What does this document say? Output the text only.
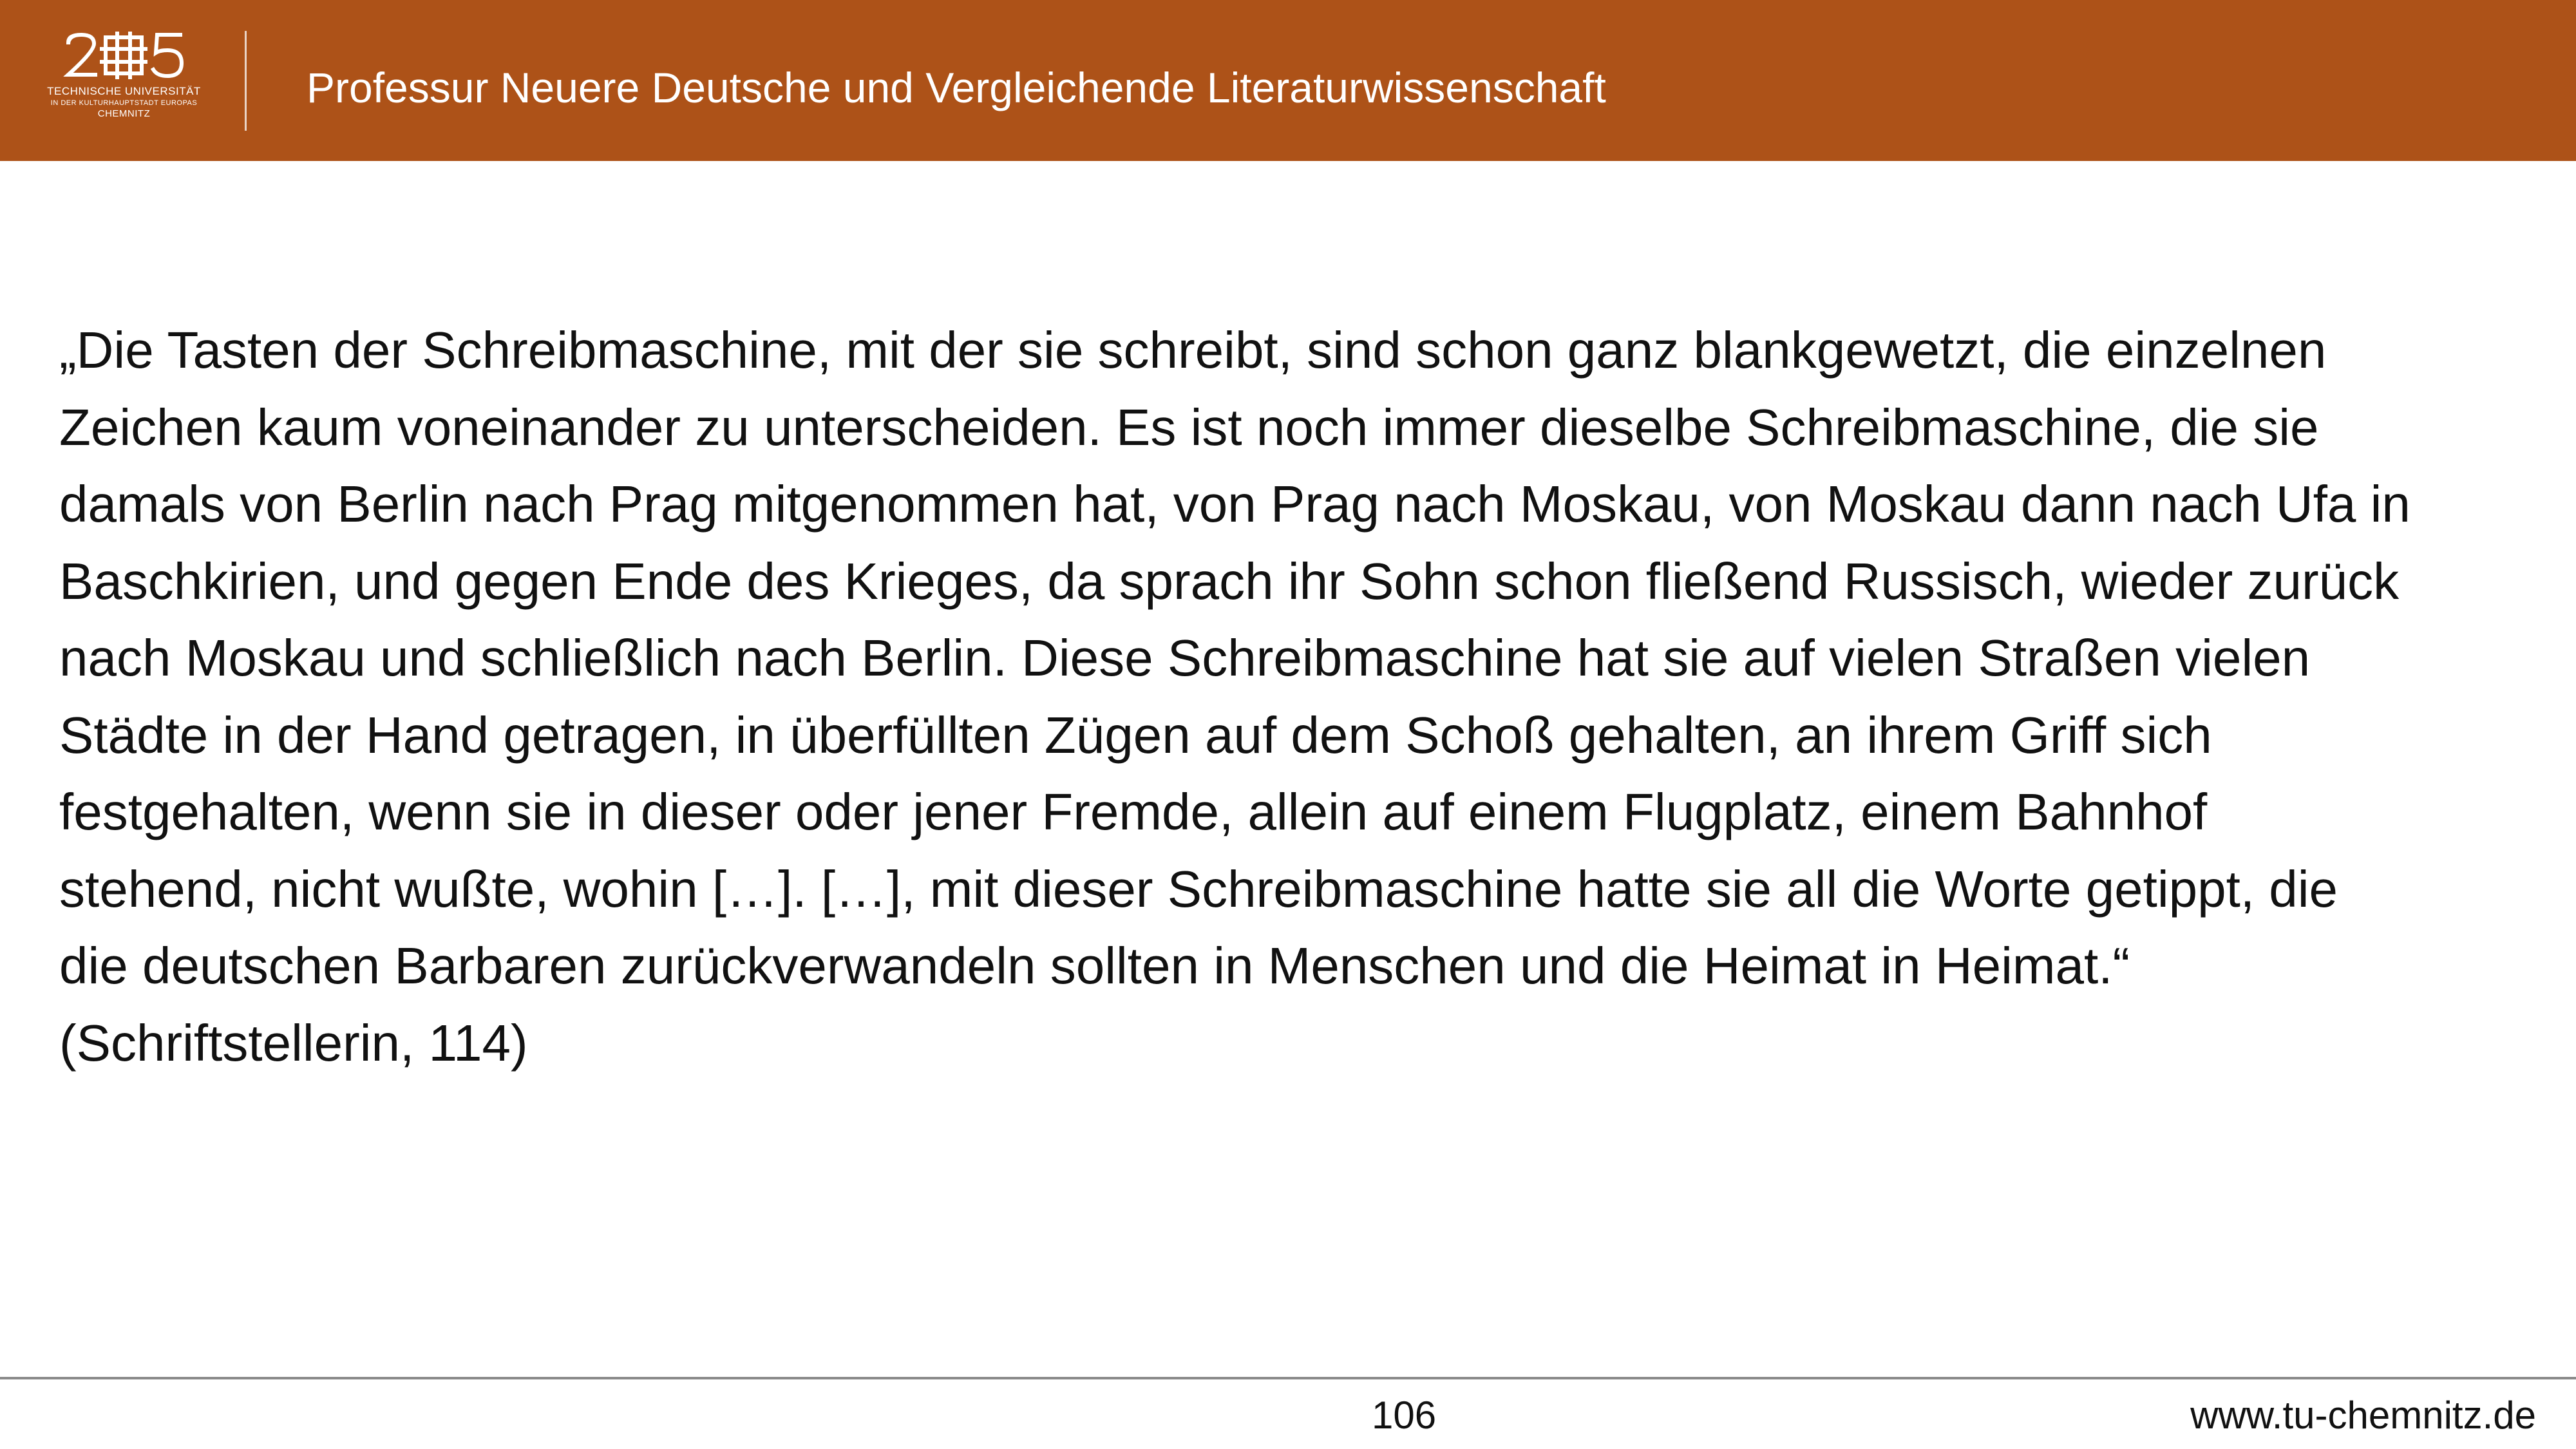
TECHNISCHE UNIVERSITÄT
IN DER KULTURHAUPTSTADT EUROPAS
CHEMNITZ
Professur Neuere Deutsche und Vergleichende Literaturwissenschaft
„Die Tasten der Schreibmaschine, mit der sie schreibt, sind schon ganz blankgewetzt, die einzelnen
Zeichen kaum voneinander zu unterscheiden. Es ist noch immer dieselbe Schreibmaschine, die sie
damals von Berlin nach Prag mitgenommen hat, von Prag nach Moskau, von Moskau dann nach Ufa in
Baschkirien, und gegen Ende des Krieges, da sprach ihr Sohn schon fließend Russisch, wieder zurück
nach Moskau und schließlich nach Berlin. Diese Schreibmaschine hat sie auf vielen Straßen vielen
Städte in der Hand getragen, in überfüllten Zügen auf dem Schoß gehalten, an ihrem Griff sich
festgehalten, wenn sie in dieser oder jener Fremde, allein auf einem Flugplatz, einem Bahnhof
stehend, nicht wußte, wohin […]. […], mit dieser Schreibmaschine hatte sie all die Worte getippt, die
die deutschen Barbaren zurückverwandeln sollten in Menschen und die Heimat in Heimat.“
(Schriftstellerin, 114)
106	www.tu-chemnitz.de
